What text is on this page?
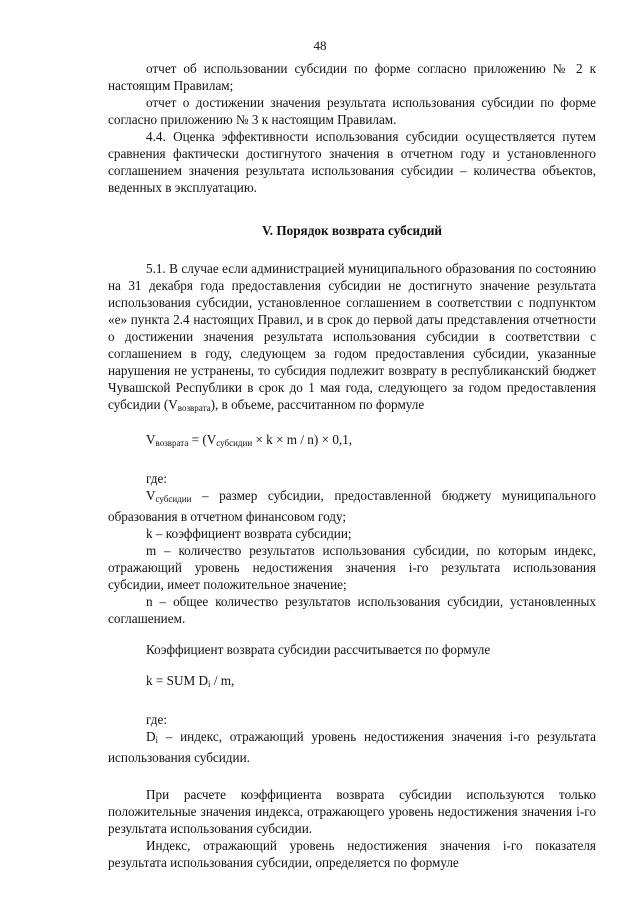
48

отчет об использовании субсидии по форме согласно приложению № 2 к настоящим Правилам;

отчет о достижении значения результата использования субсидии по форме согласно приложению № 3 к настоящим Правилам.

4.4. Оценка эффективности использования субсидии осуществляется путем сравнения фактически достигнутого значения в отчетном году и установленного соглашением значения результата использования субсидии – количества объектов, веденных в эксплуатацию.

V. Порядок возврата субсидий

5.1. В случае если администрацией муниципального образования по состоянию на 31 декабря года предоставления субсидии не достигнуто значение результата использования субсидии, установленное соглашением в соответствии с подпунктом «е» пункта 2.4 настоящих Правил, и в срок до первой даты представления отчетности о достижении значения результата использования субсидии в соответствии с соглашением в году, следующем за годом предоставления субсидии, указанные нарушения не устранены, то субсидия подлежит возврату в республиканский бюджет Чувашской Республики в срок до 1 мая года, следующего за годом предоставления субсидии $(V_{возврата})$, в объеме, рассчитанном по формуле

$V_{возврата} = (V_{субсидии} \times k \times m / n) \times 0,1$,

где:

$V_{субсидии}$ – размер субсидии, предоставленной бюджету муниципального образования в отчетном финансовом году;

k – коэффициент возврата субсидии;

m – количество результатов использования субсидии, по которым индекс, отражающий уровень недостижения значения i-го результата использования субсидии, имеет положительное значение;

n – общее количество результатов использования субсидии, установленных соглашением.

Коэффициент возврата субсидии рассчитывается по формуле

k = SUM $D_i$ / m,

где:

$D_i$ – индекс, отражающий уровень недостижения значения i-го результата использования субсидии.

При расчете коэффициента возврата субсидии используются только положительные значения индекса, отражающего уровень недостижения значения i-го результата использования субсидии.

Индекс, отражающий уровень недостижения значения i-го показателя результата использования субсидии, определяется по формуле
